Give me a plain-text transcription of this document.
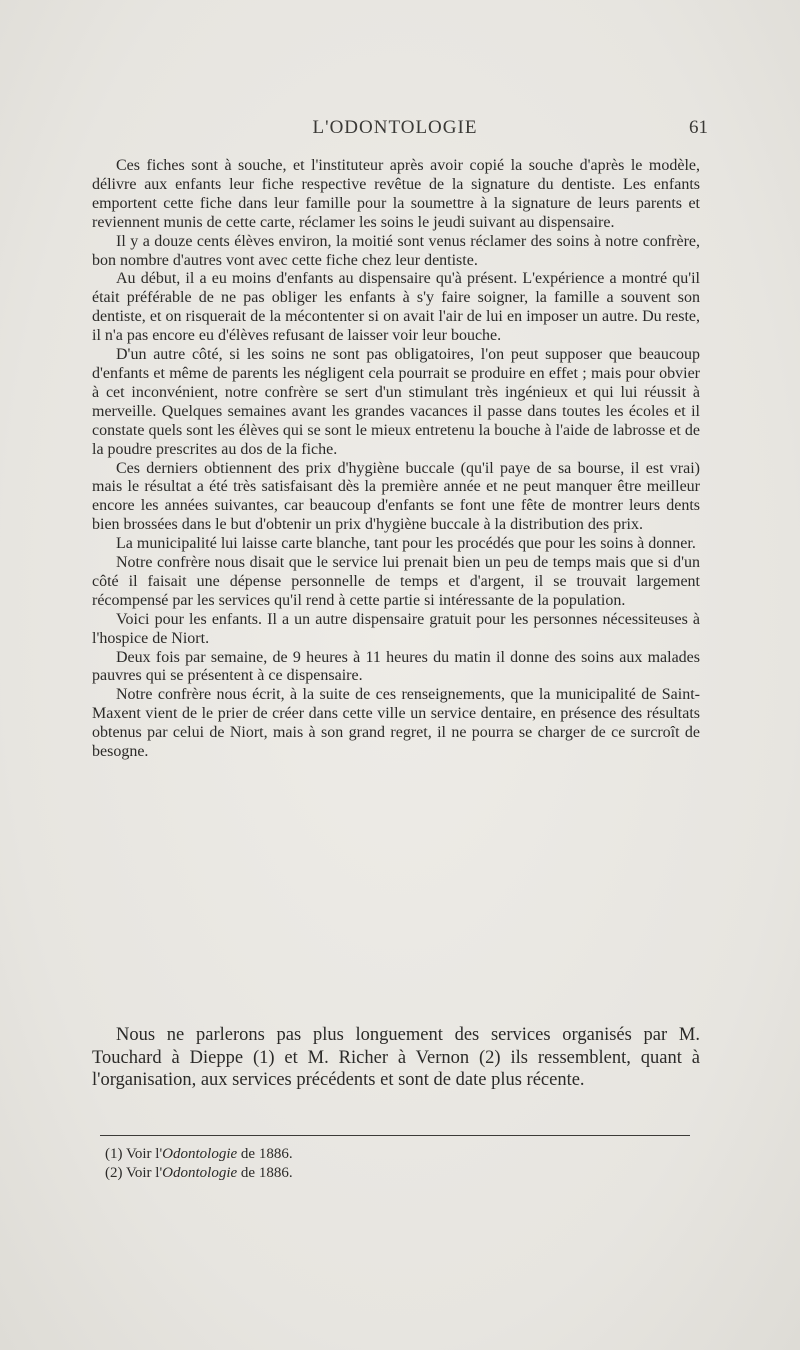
L'ODONTOLOGIE	61

Ces fiches sont à souche, et l'instituteur après avoir copié la souche d'après le modèle, délivre aux enfants leur fiche respective revêtue de la signature du dentiste. Les enfants emportent cette fiche dans leur famille pour la soumettre à la signature de leurs parents et reviennent munis de cette carte, réclamer les soins le jeudi suivant au dispensaire.

Il y a douze cents élèves environ, la moitié sont venus réclamer des soins à notre confrère, bon nombre d'autres vont avec cette fiche chez leur dentiste.

Au début, il a eu moins d'enfants au dispensaire qu'à présent. L'expérience a montré qu'il était préférable de ne pas obliger les enfants à s'y faire soigner, la famille a souvent son dentiste, et on risquerait de la mécontenter si on avait l'air de lui en imposer un autre. Du reste, il n'a pas encore eu d'élèves refusant de laisser voir leur bouche.

D'un autre côté, si les soins ne sont pas obligatoires, l'on peut supposer que beaucoup d'enfants et même de parents les négligent cela pourrait se produire en effet ; mais pour obvier à cet inconvénient, notre confrère se sert d'un stimulant très ingénieux et qui lui réussit à merveille. Quelques semaines avant les grandes vacances il passe dans toutes les écoles et il constate quels sont les élèves qui se sont le mieux entretenu la bouche à l'aide de labrosse et de la poudre prescrites au dos de la fiche.

Ces derniers obtiennent des prix d'hygiène buccale (qu'il paye de sa bourse, il est vrai) mais le résultat a été très satisfaisant dès la première année et ne peut manquer être meilleur encore les années suivantes, car beaucoup d'enfants se font une fête de montrer leurs dents bien brossées dans le but d'obtenir un prix d'hygiène buccale à la distribution des prix.

La municipalité lui laisse carte blanche, tant pour les procédés que pour les soins à donner.

Notre confrère nous disait que le service lui prenait bien un peu de temps mais que si d'un côté il faisait une dépense personnelle de temps et d'argent, il se trouvait largement récompensé par les services qu'il rend à cette partie si intéressante de la population.

Voici pour les enfants. Il a un autre dispensaire gratuit pour les personnes nécessiteuses à l'hospice de Niort.

Deux fois par semaine, de 9 heures à 11 heures du matin il donne des soins aux malades pauvres qui se présentent à ce dispensaire.

Notre confrère nous écrit, à la suite de ces renseignements, que la municipalité de Saint-Maxent vient de le prier de créer dans cette ville un service dentaire, en présence des résultats obtenus par celui de Niort, mais à son grand regret, il ne pourra se charger de ce surcroît de besogne.

Nous ne parlerons pas plus longuement des services organisés par M. Touchard à Dieppe (1) et M. Richer à Vernon (2) ils ressemblent, quant à l'organisation, aux services précédents et sont de date plus récente.

(1) Voir l'Odontologie de 1886.

(2) Voir l'Odontologie de 1886.
